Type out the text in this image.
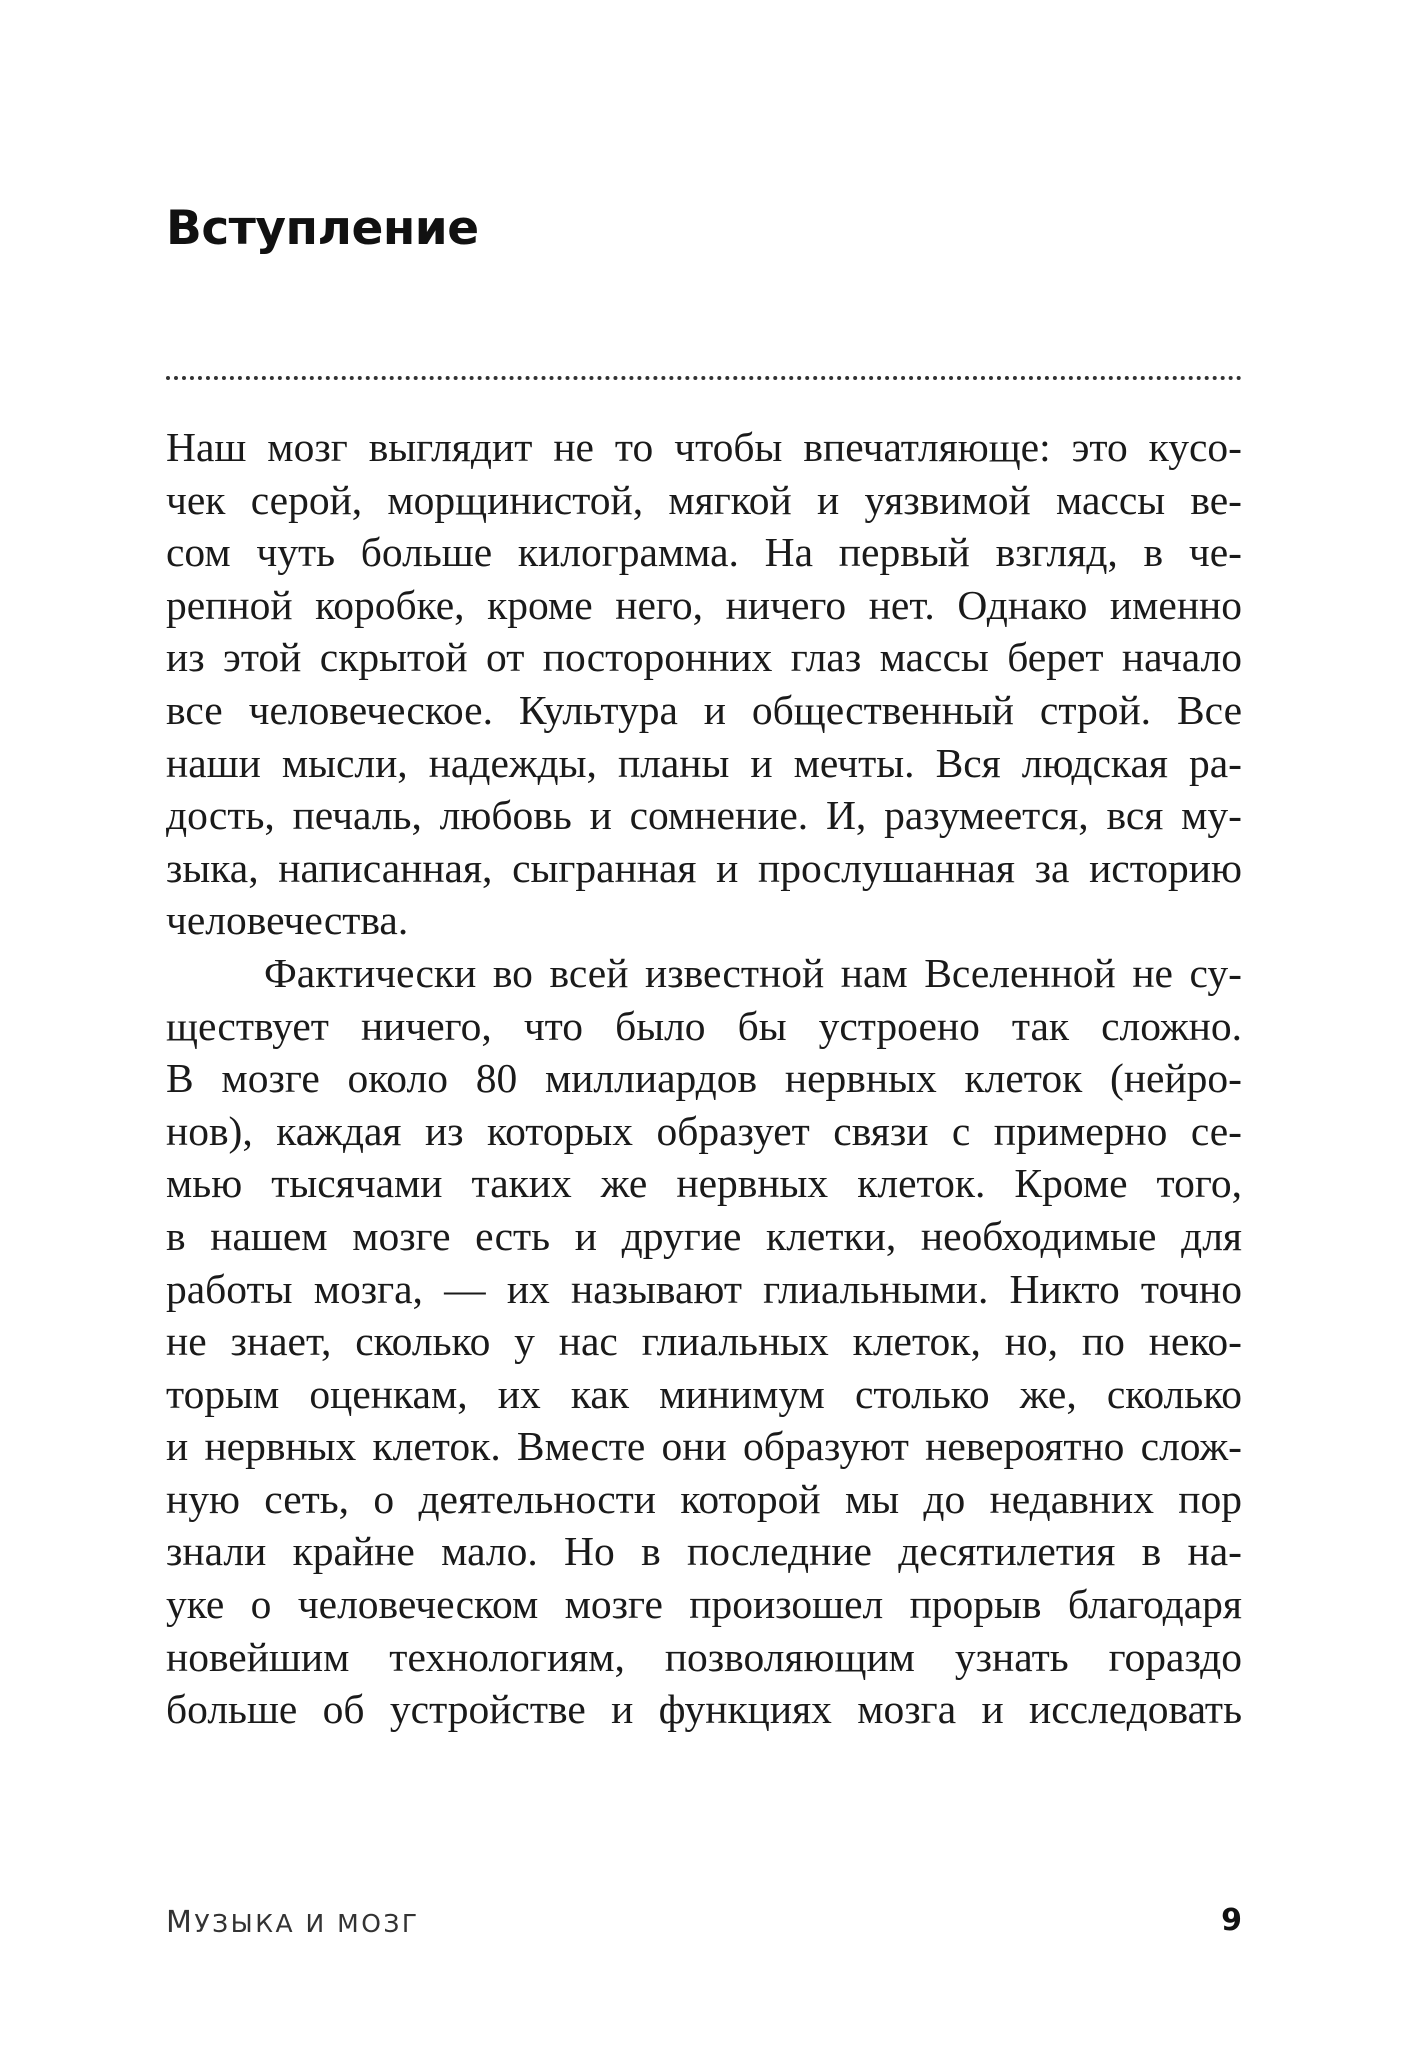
Вступление
Наш мозг выглядит не то чтобы впечатляюще: это кусо-
чек серой, морщинистой, мягкой и уязвимой массы ве-
сом чуть больше килограмма. На первый взгляд, в че-
репной коробке, кроме него, ничего нет. Однако именно
из этой скрытой от посторонних глаз массы берет начало
все человеческое. Культура и общественный строй. Все
наши мысли, надежды, планы и мечты. Вся людская ра-
дость, печаль, любовь и сомнение. И, разумеется, вся му-
зыка, написанная, сыгранная и прослушанная за историю
человечества.
Фактически во всей известной нам Вселенной не су-
ществует ничего, что было бы устроено так сложно.
В мозге около 80 миллиардов нервных клеток (нейро-
нов), каждая из которых образует связи с примерно се-
мью тысячами таких же нервных клеток. Кроме того,
в нашем мозге есть и другие клетки, необходимые для
работы мозга, — их называют глиальными. Никто точно
не знает, сколько у нас глиальных клеток, но, по неко-
торым оценкам, их как минимум столько же, сколько
и нервных клеток. Вместе они образуют невероятно слож-
ную сеть, о деятельности которой мы до недавних пор
знали крайне мало. Но в последние десятилетия в на-
уке о человеческом мозге произошел прорыв благодаря
новейшим технологиям, позволяющим узнать гораздо
больше об устройстве и функциях мозга и исследовать
МУЗЫКА И МОЗГ	9
